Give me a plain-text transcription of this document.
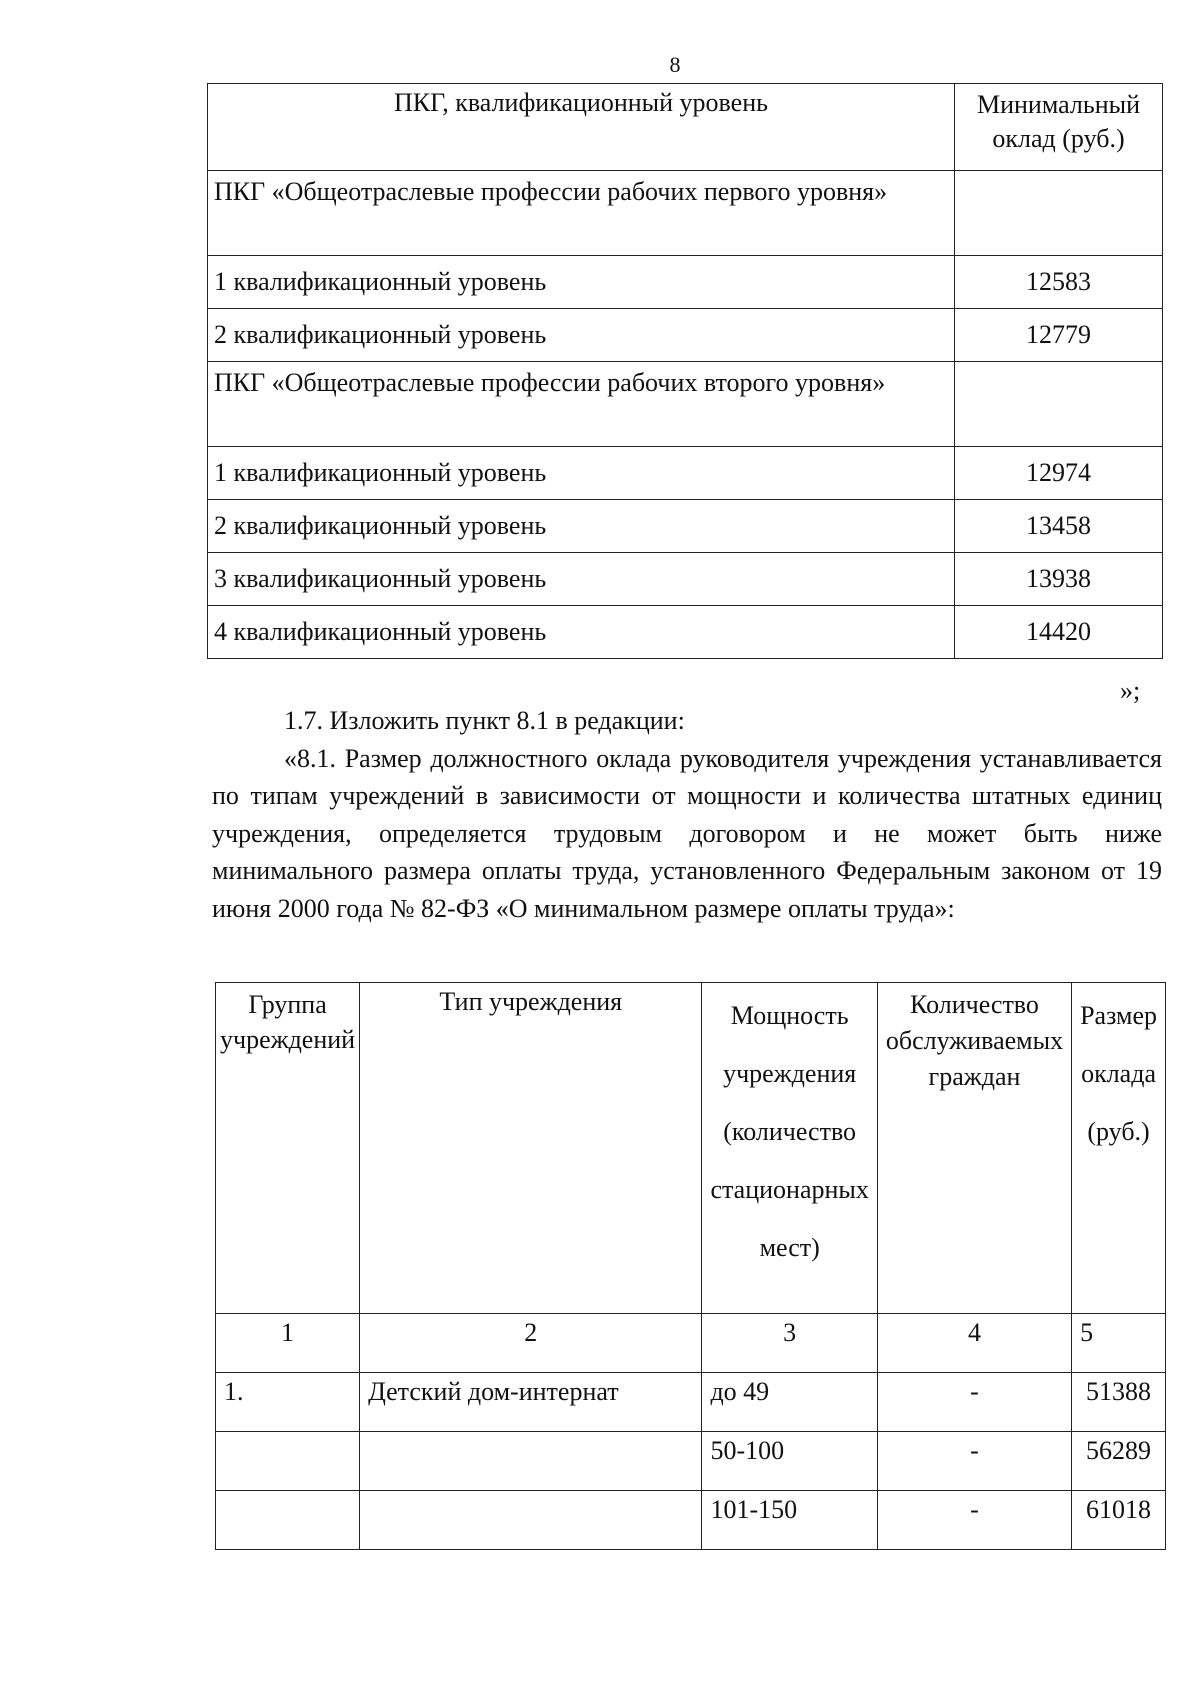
8
ПКГ, квалификационный уровень	Минимальный оклад (руб.)
ПКГ «Общеотраслевые профессии рабочих первого уровня»	
1 квалификационный уровень	12583
2 квалификационный уровень	12779
ПКГ «Общеотраслевые профессии рабочих второго уровня»	
1 квалификационный уровень	12974
2 квалификационный уровень	13458
3 квалификационный уровень	13938
4 квалификационный уровень	14420
»;

1.7. Изложить пункт 8.1 в редакции:

«8.1. Размер должностного оклада руководителя учреждения устанавливается по типам учреждений в зависимости от мощности и количества штатных единиц учреждения, определяется трудовым договором и не может быть ниже минимального размера оплаты труда, установленного Федеральным законом от 19 июня 2000 года № 82-ФЗ «О минимальном размере оплаты труда»:

Группа учреждений	Тип учреждения	Мощность учреждения (количество стационарных мест)	Количество обслуживаемых граждан	Размер оклада (руб.)
1	2	3	4	5
1.	Детский дом-интернат	до 49	-	51388
		50-100	-	56289
		101-150	-	61018
